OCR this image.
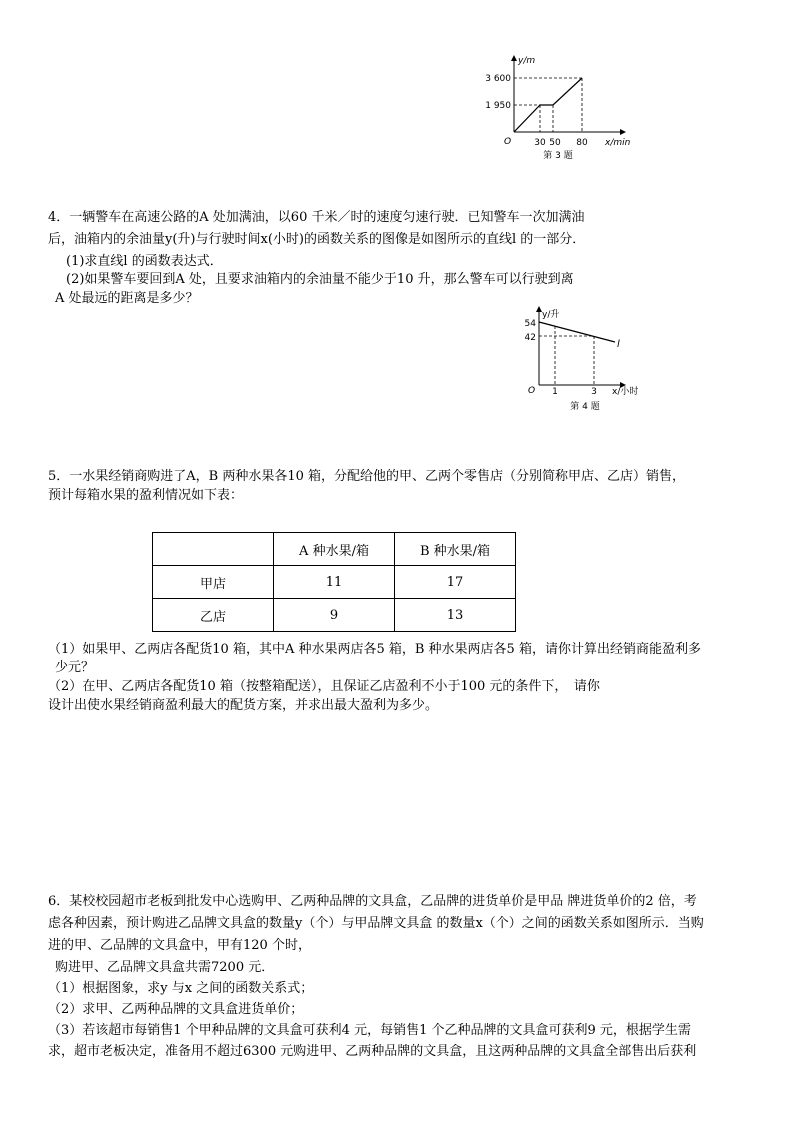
y/m
x/min
O
3 600
1 950
30 50 80
第 3 题
4．一辆警车在高速公路的A 处加满油，以60 千米／时的速度匀速行驶．已知警车一次加满油
后，油箱内的余油量y(升)与行驶时间x(小时)的函数关系的图像是如图所示的直线l 的一部分．
(1)求直线l 的函数表达式．
(2)如果警车要回到A 处，且要求油箱内的余油量不能少于10 升，那么警车可以行驶到离
A 处最远的距离是多少？
y/升
x/小时
O
54
42
1	3
l
第 4 题
5．一水果经销商购进了A，B 两种水果各10 箱，分配给他的甲、乙两个零售店（分别简称甲店、乙店）销售，
预计每箱水果的盈利情况如下表：
	A 种水果/箱	B 种水果/箱
甲店	11	17
乙店	9	13
（1）如果甲、乙两店各配货10 箱，其中A 种水果两店各5 箱，B 种水果两店各5 箱，请你计算出经销商能盈利多
少元？
（2）在甲、乙两店各配货10 箱（按整箱配送），且保证乙店盈利不小于100 元的条件下，　请你
设计出使水果经销商盈利最大的配货方案，并求出最大盈利为多少。
6．某校校园超市老板到批发中心选购甲、乙两种品牌的文具盒，乙品牌的进货单价是甲品 牌进货单价的2 倍，考
虑各种因素，预计购进乙品牌文具盒的数量y（个）与甲品牌文具盒 的数量x（个）之间的函数关系如图所示．当购
进的甲、乙品牌的文具盒中，甲有120 个时，
购进甲、乙品牌文具盒共需7200 元．
（1）根据图象，求y 与x 之间的函数关系式；
（2）求甲、乙两种品牌的文具盒进货单价；
（3）若该超市每销售1 个甲种品牌的文具盒可获利4 元，每销售1 个乙种品牌的文具盒可获利9 元，根据学生需
求，超市老板决定，准备用不超过6300 元购进甲、乙两种品牌的文具盒，且这两种品牌的文具盒全部售出后获利
